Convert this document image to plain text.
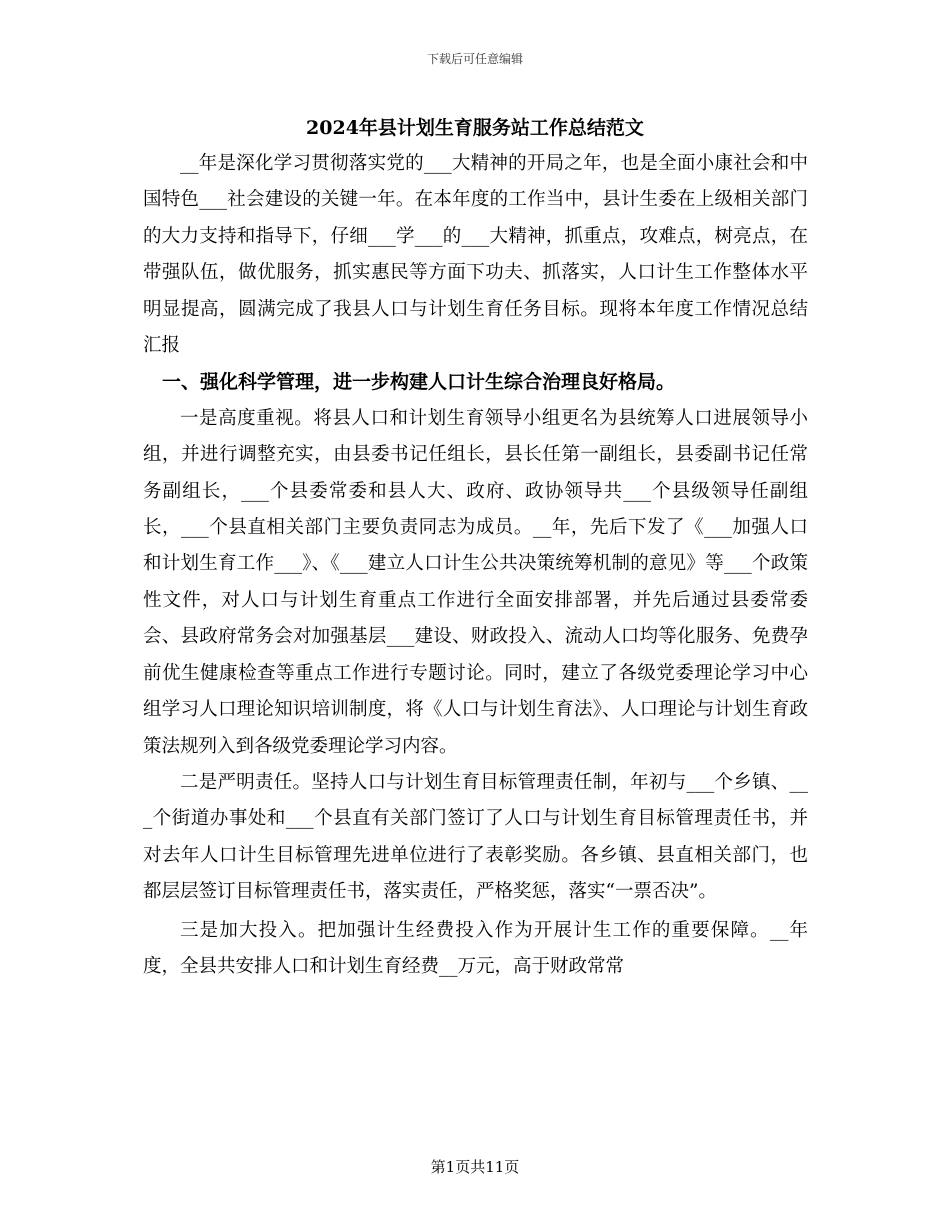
下载后可任意编辑
2024年县计划生育服务站工作总结范文

__年是深化学习贯彻落实党的___大精神的开局之年，也是全面小康社会和中国特色___社会建设的关键一年。在本年度的工作当中，县计生委在上级相关部门的大力支持和指导下，仔细___学___的___大精神，抓重点，攻难点，树亮点，在带强队伍，做优服务，抓实惠民等方面下功夫、抓落实，人口计生工作整体水平明显提高，圆满完成了我县人口与计划生育任务目标。现将本年度工作情况总结汇报

一、强化科学管理，进一步构建人口计生综合治理良好格局。

一是高度重视。将县人口和计划生育领导小组更名为县统筹人口进展领导小组，并进行调整充实，由县委书记任组长，县长任第一副组长，县委副书记任常务副组长，___个县委常委和县人大、政府、政协领导共___个县级领导任副组长，___个县直相关部门主要负责同志为成员。__年，先后下发了《___加强人口和计划生育工作___》、《___建立人口计生公共决策统筹机制的意见》等___个政策性文件，对人口与计划生育重点工作进行全面安排部署，并先后通过县委常委会、县政府常务会对加强基层___建设、财政投入、流动人口均等化服务、免费孕前优生健康检查等重点工作进行专题讨论。同时，建立了各级党委理论学习中心组学习人口理论知识培训制度，将《人口与计划生育法》、人口理论与计划生育政策法规列入到各级党委理论学习内容。

二是严明责任。坚持人口与计划生育目标管理责任制，年初与___个乡镇、___个街道办事处和___个县直有关部门签订了人口与计划生育目标管理责任书，并对去年人口计生目标管理先进单位进行了表彰奖励。各乡镇、县直相关部门，也都层层签订目标管理责任书，落实责任，严格奖惩，落实“一票否决”。

三是加大投入。把加强计生经费投入作为开展计生工作的重要保障。__年度，全县共安排人口和计划生育经费__万元，高于财政常常

第1页共11页
